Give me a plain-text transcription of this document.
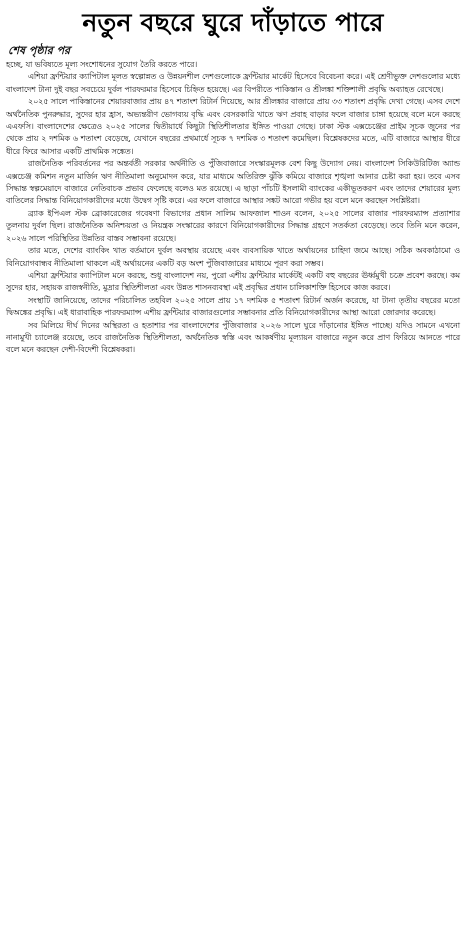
নতুন বছরে ঘুরে দাঁড়াতে পারে
শেষ পৃষ্ঠার পর

হচ্ছে, যা ভবিষ্যতে মূল্য সংশোধনের সুযোগ তৈরি করতে পারে।

এশিয়া ফ্রন্টিয়ার ক্যাপিটাল মূলত স্বল্পোন্নত ও উন্নয়নশীল দেশগুলোকে ফ্রন্টিয়ার মার্কেট হিসেবে বিবেচনা করে। এই শ্রেণীভুক্ত দেশগুলোর মধ্যে বাংলাদেশ টানা দুই বছর সবচেয়ে দুর্বল পারফরমার হিসেবে চিহ্নিত হয়েছে। এর বিপরীতে পাকিস্তান ও শ্রীলঙ্কা শক্তিশালী প্রবৃদ্ধি অব্যাহত রেখেছে।

২০২৫ সালে পাকিস্তানের শেয়ারবাজার প্রায় ৪৭ শতাংশ রিটার্ন দিয়েছে, আর শ্রীলঙ্কার বাজারে প্রায় ৩৩ শতাংশ প্রবৃদ্ধি দেখা গেছে। এসব দেশে অর্থনৈতিক পুনরুদ্ধার, সুদের হার হ্রাস, অভ্যন্তরীণ ভোগব্যয় বৃদ্ধি এবং বেসরকারি খাতে ঋণ প্রবাহ বাড়ার ফলে বাজার চাঙ্গা হয়েছে বলে মনে করছে এএফসি। বাংলাদেশের ক্ষেত্রেও ২০২৫ সালের দ্বিতীয়ার্ধে কিছুটা স্থিতিশীলতার ইঙ্গিত পাওয়া গেছে। ঢাকা স্টক এক্সচেঞ্জের প্রাইম সূচক জুনের পর থেকে প্রায় ২ দশমিক ৬ শতাংশ বেড়েছে, যেখানে বছরের প্রথমার্ধে সূচক ৭ দশমিক ৩ শতাংশ কমেছিল। বিশ্লেষকদের মতে, এটি বাজারে আস্থার ধীরে ধীরে ফিরে আসার একটি প্রাথমিক সঙ্কেত।

রাজনৈতিক পরিবর্তনের পর অন্তর্বর্তী সরকার অর্থনীতি ও পুঁজিবাজারে সংস্কারমূলক বেশ কিছু উদ্যোগ নেয়। বাংলাদেশ সিকিউরিটিজ অ্যান্ড এক্সচেঞ্জ কমিশন নতুন মার্জিন ঋণ নীতিমালা অনুমোদন করে, যার মাধ্যমে অতিরিক্ত ঝুঁকি কমিয়ে বাজারে শৃঙ্খলা আনার চেষ্টা করা হয়। তবে এসব সিদ্ধান্ত স্বল্পমেয়াদে বাজারে নেতিবাচক প্রভাব ফেলেছে বলেও মত রয়েছে। এ ছাড়া পাঁচটি ইসলামী ব্যাংকের একীভূতকরণ এবং তাদের শেয়ারের মূল্য বাতিলের সিদ্ধান্ত বিনিয়োগকারীদের মধ্যে উদ্বেগ সৃষ্টি করে। এর ফলে বাজারে আস্থার সঙ্কট আরো গভীর হয় বলে মনে করছেন সংশ্লিষ্টরা।

ব্র্যাক ইপিএল স্টক ব্রোকারেজের গবেষণা বিভাগের প্রধান সালিম আফজাল শাওন বলেন, ২০২৫ সালের বাজার পারফরম্যান্স প্রত্যাশার তুলনায় দুর্বল ছিল। রাজনৈতিক অনিশ্চয়তা ও নিয়ন্ত্রক সংস্কারের কারণে বিনিয়োগকারীদের সিদ্ধান্ত গ্রহণে সতর্কতা বেড়েছে। তবে তিনি মনে করেন, ২০২৬ সালে পরিস্থিতির উন্নতির বাস্তব সম্ভাবনা রয়েছে।

তার মতে, দেশের ব্যাংকিং খাত বর্তমানে দুর্বল অবস্থায় রয়েছে এবং ব্যবসায়িক খাতে অর্থায়নের চাহিদা জমে আছে। সঠিক অবকাঠামো ও বিনিয়োগবান্ধব নীতিমালা থাকলে এই অর্থায়নের একটি বড় অংশ পুঁজিবাজারের মাধ্যমে পূরণ করা সম্ভব।

এশিয়া ফ্রন্টিয়ার ক্যাপিটাল মনে করছে, শুধু বাংলাদেশ নয়, পুরো এশীয় ফ্রন্টিয়ার মার্কেটই একটি বহু বছরের ঊর্ধ্বমুখী চক্রে প্রবেশ করছে। কম সুদের হার, সহায়ক রাজস্বনীতি, মুদ্রার স্থিতিশীলতা এবং উন্নত শাসনব্যবস্থা এই প্রবৃদ্ধির প্রধান চালিকাশক্তি হিসেবে কাজ করবে।

সংস্থাটি জানিয়েছে, তাদের পরিচালিত তহবিল ২০২৫ সালে প্রায় ১৭ দশমিক ৫ শতাংশ রিটার্ন অর্জন করেছে, যা টানা তৃতীয় বছরের মতো দ্বিঅঙ্কের প্রবৃদ্ধি। এই ধারাবাহিক পারফরম্যান্স এশীয় ফ্রন্টিয়ার বাজারগুলোর সম্ভাবনার প্রতি বিনিয়োগকারীদের আস্থা আরো জোরদার করেছে।

সব মিলিয়ে দীর্ঘ দিনের অস্থিরতা ও হতাশার পর বাংলাদেশের পুঁজিবাজার ২০২৬ সালে ঘুরে দাঁড়ানোর ইঙ্গিত পাচ্ছে। যদিও সামনে এখনো নানামুখী চ্যালেঞ্জ রয়েছে, তবে রাজনৈতিক স্থিতিশীলতা, অর্থনৈতিক স্বস্তি এবং আকর্ষণীয় মূল্যায়ন বাজারে নতুন করে প্রাণ ফিরিয়ে আনতে পারে বলে মনে করছেন দেশী-বিদেশী বিশ্লেষকরা।
